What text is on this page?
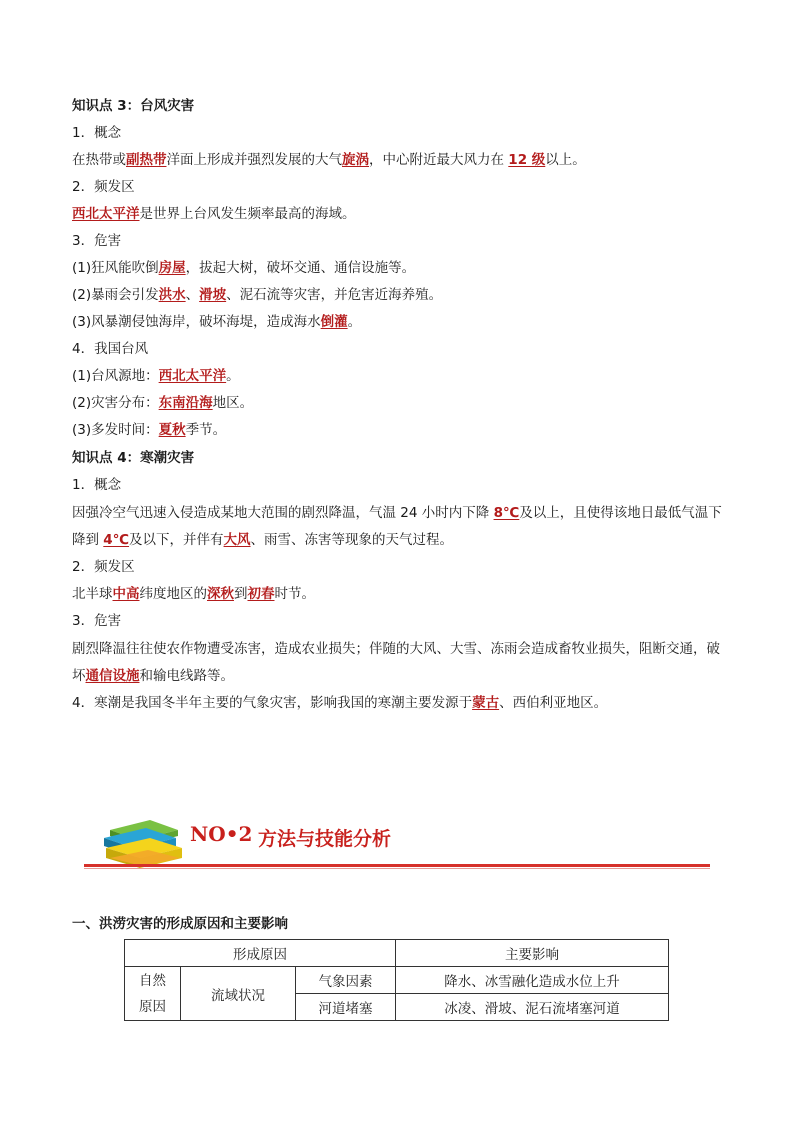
知识点 3：台风灾害
1．概念
在热带或副热带洋面上形成并强烈发展的大气旋涡，中心附近最大风力在 12 级以上。
2．频发区
西北太平洋是世界上台风发生频率最高的海域。
3．危害
(1)狂风能吹倒房屋，拔起大树，破坏交通、通信设施等。
(2)暴雨会引发洪水、滑坡、泥石流等灾害，并危害近海养殖。
(3)风暴潮侵蚀海岸，破坏海堤，造成海水倒灌。
4．我国台风
(1)台风源地：西北太平洋。
(2)灾害分布：东南沿海地区。
(3)多发时间：夏秋季节。
知识点 4：寒潮灾害
1．概念
因强冷空气迅速入侵造成某地大范围的剧烈降温，气温 24 小时内下降 8℃及以上，且使得该地日最低气温下降到 4℃及以下，并伴有大风、雨雪、冻害等现象的天气过程。
2．频发区
北半球中高纬度地区的深秋到初春时节。
3．危害
剧烈降温往往使农作物遭受冻害，造成农业损失；伴随的大风、大雪、冻雨会造成畜牧业损失，阻断交通，破坏通信设施和输电线路等。
4．寒潮是我国冬半年主要的气象灾害，影响我国的寒潮主要发源于蒙古、西伯利亚地区。
NO•2 方法与技能分析
一、洪涝灾害的形成原因和主要影响
形成原因			主要影响
自然
原因	流域状况	气象因素	降水、冰雪融化造成水位上升
		河道堵塞	冰凌、滑坡、泥石流堵塞河道
